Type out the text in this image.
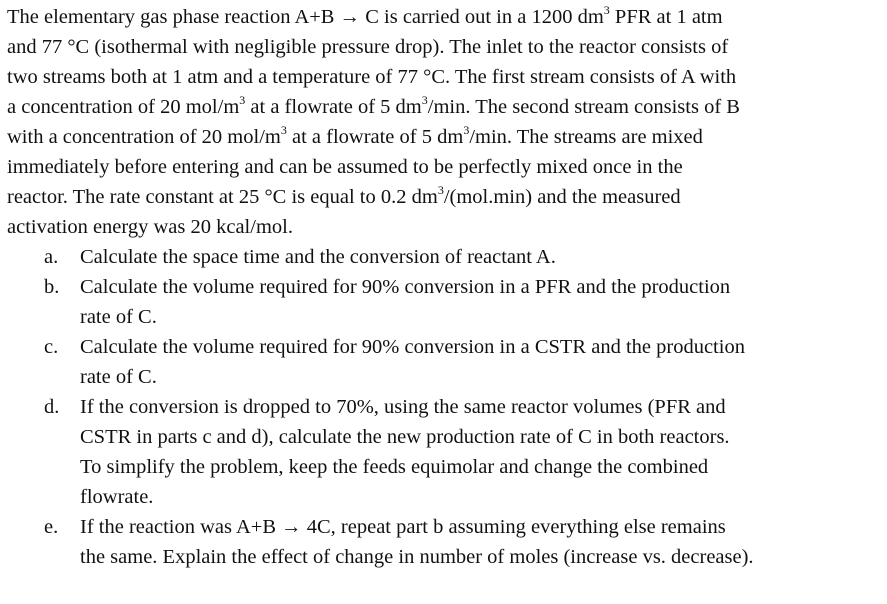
The elementary gas phase reaction A+B → C is carried out in a 1200 $dm^3$ PFR at 1 atm
and 77 °C (isothermal with negligible pressure drop). The inlet to the reactor consists of
two streams both at 1 atm and a temperature of 77 °C. The first stream consists of A with
a concentration of 20 mol/$m^3$ at a flowrate of 5 $dm^3/\min$. The second stream consists of B
with a concentration of 20 mol/$m^3$ at a flowrate of 5 $dm^3/\min$. The streams are mixed
immediately before entering and can be assumed to be perfectly mixed once in the
reactor. The rate constant at 25 °C is equal to 0.2 $dm^3/(mol.\min)$ and the measured
activation energy was 20 kcal/mol.
a. Calculate the space time and the conversion of reactant A.
b. Calculate the volume required for 90% conversion in a PFR and the production
rate of C.
c. Calculate the volume required for 90% conversion in a CSTR and the production
rate of C.
d. If the conversion is dropped to 70%, using the same reactor volumes (PFR and
CSTR in parts c and d), calculate the new production rate of C in both reactors.
To simplify the problem, keep the feeds equimolar and change the combined
flowrate.
e. If the reaction was A+B → 4C, repeat part b assuming everything else remains
the same. Explain the effect of change in number of moles (increase vs. decrease).
